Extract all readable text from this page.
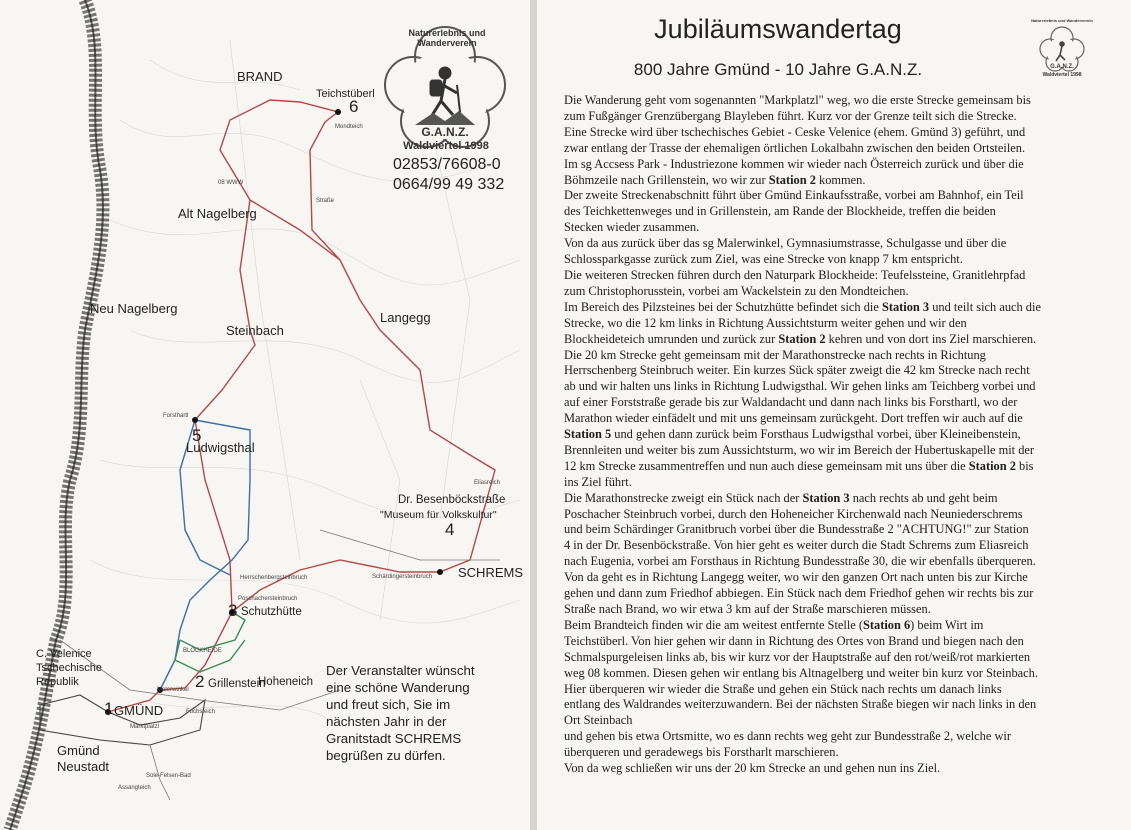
Naturerlebnis und Wanderverein
G.A.N.Z.
Waldviertel 1998
02853/76608-0
0664/99 49 332
BRAND
Teichstüberl
6
Mondteich
08 WWW
Straße
Alt Nagelberg
Neu Nagelberg
Steinbach
Langegg
Forsthartl
5
Ludwigsthal
Eliasreich
Dr. Besenböckstraße
"Museum für Volkskultur"
4
Herrschenbergsteinbruch	Schärdingersteinbruch SCHREMS
Poschachersteinbruch
3 Schutzhütte
BLOCKHEIDE
C. Velenice
Tschechische
Republik
Malerwinkel 2 Grillenstein
Hoheneich
Fuchsteich
1 GMÜND
Marktplatzl
Gmünd
Neustadt
Sole-Felsen-Bad
Assangteich
Der Veranstalter wünscht
eine schöne Wanderung
und freut sich, Sie im
nächsten Jahr in der
Granitstadt SCHREMS
begrüßen zu dürfen.
Jubiläumswandertag
800 Jahre Gmünd - 10 Jahre G.A.N.Z.
Naturerlebnis und Wanderverein
G.A.N.Z.
Waldviertel 1998
Die Wanderung geht vom sogenannten "Markplatzl" weg, wo die erste Strecke gemeinsam bis
zum Fußgänger Grenzübergang Blayleben führt. Kurz vor der Grenze teilt sich die Strecke.
Eine Strecke wird über tschechisches Gebiet - Ceske Velenice (ehem. Gmünd 3) geführt, und
zwar entlang der Trasse der ehemaligen örtlichen Lokalbahn zwischen den beiden Ortsteilen.
Im sg Accsess Park - Industriezone kommen wir wieder nach Österreich zurück und über die
Böhmzeile nach Grillenstein, wo wir zur Station 2 kommen.
Der zweite Streckenabschnitt führt über Gmünd Einkaufsstraße, vorbei am Bahnhof, ein Teil
des Teichkettenweges und in Grillenstein, am Rande der Blockheide, treffen die beiden
Stecken wieder zusammen.
Von da aus zurück über das sg Malerwinkel, Gymnasiumstrasse, Schulgasse und über die
Schlossparkgasse zurück zum Ziel, was eine Strecke von knapp 7 km entspricht.
Die weiteren Strecken führen durch den Naturpark Blockheide: Teufelssteine, Granitlehrpfad
zum Christophorusstein, vorbei am Wackelstein zu den Mondteichen.
Im Bereich des Pilzsteines bei der Schutzhütte befindet sich die Station 3 und teilt sich auch die
Strecke, wo die 12 km links in Richtung Aussichtsturm weiter gehen und wir den
Blockheideteich umrunden und zurück zur Station 2 kehren und von dort ins Ziel marschieren.
Die 20 km Strecke geht gemeinsam mit der Marathonstrecke nach rechts in Richtung
Herrschenberg Steinbruch weiter. Ein kurzes Sück später zweigt die 42 km Strecke nach recht
ab und wir halten uns links in Richtung Ludwigsthal. Wir gehen links am Teichberg vorbei und
auf einer Forststraße gerade bis zur Waldandacht und dann nach links bis Forsthartl, wo der
Marathon wieder einfädelt und mit uns gemeinsam zurückgeht. Dort treffen wir auch auf die
Station 5 und gehen dann zurück beim Forsthaus Ludwigsthal vorbei, über Kleineibenstein,
Brennleiten und weiter bis zum Aussichtsturm, wo wir im Bereich der Hubertuskapelle mit der
12 km Strecke zusammentreffen und nun auch diese gemeinsam mit uns über die Station 2 bis
ins Ziel führt.
Die Marathonstrecke zweigt ein Stück nach der Station 3 nach rechts ab und geht beim
Poschacher Steinbruch vorbei, durch den Hoheneicher Kirchenwald nach Neuniederschrems
und beim Schärdinger Granitbruch vorbei über die Bundesstraße 2 "ACHTUNG!" zur Station
4 in der Dr. Besenböckstraße. Von hier geht es weiter durch die Stadt Schrems zum Eliasreich
nach Eugenia, vorbei am Forsthaus in Richtung Bundesstraße 30, die wir ebenfalls überqueren.
Von da geht es in Richtung Langegg weiter, wo wir den ganzen Ort nach unten bis zur Kirche
gehen und dann zum Friedhof abbiegen. Ein Stück nach dem Friedhof gehen wir rechts bis zur
Straße nach Brand, wo wir etwa 3 km auf der Straße marschieren müssen.
Beim Brandteich finden wir die am weitest entfernte Stelle (Station 6) beim Wirt im
Teichstüberl. Von hier gehen wir dann in Richtung des Ortes von Brand und biegen nach den
Schmalspurgeleisen links ab, bis wir kurz vor der Hauptstraße auf den rot/weiß/rot markierten
weg 08 kommen. Diesen gehen wir entlang bis Altnagelberg und weiter bin kurz vor Steinbach.
Hier überqueren wir wieder die Straße und gehen ein Stück nach rechts um danach links
entlang des Waldrandes weiterzuwandern. Bei der nächsten Straße biegen wir nach links in den
Ort Steinbach
und gehen bis etwa Ortsmitte, wo es dann rechts weg geht zur Bundesstraße 2, welche wir
überqueren und geradewegs bis Forstharlt marschieren.
Von da weg schließen wir uns der 20 km Strecke an und gehen nun ins Ziel.
